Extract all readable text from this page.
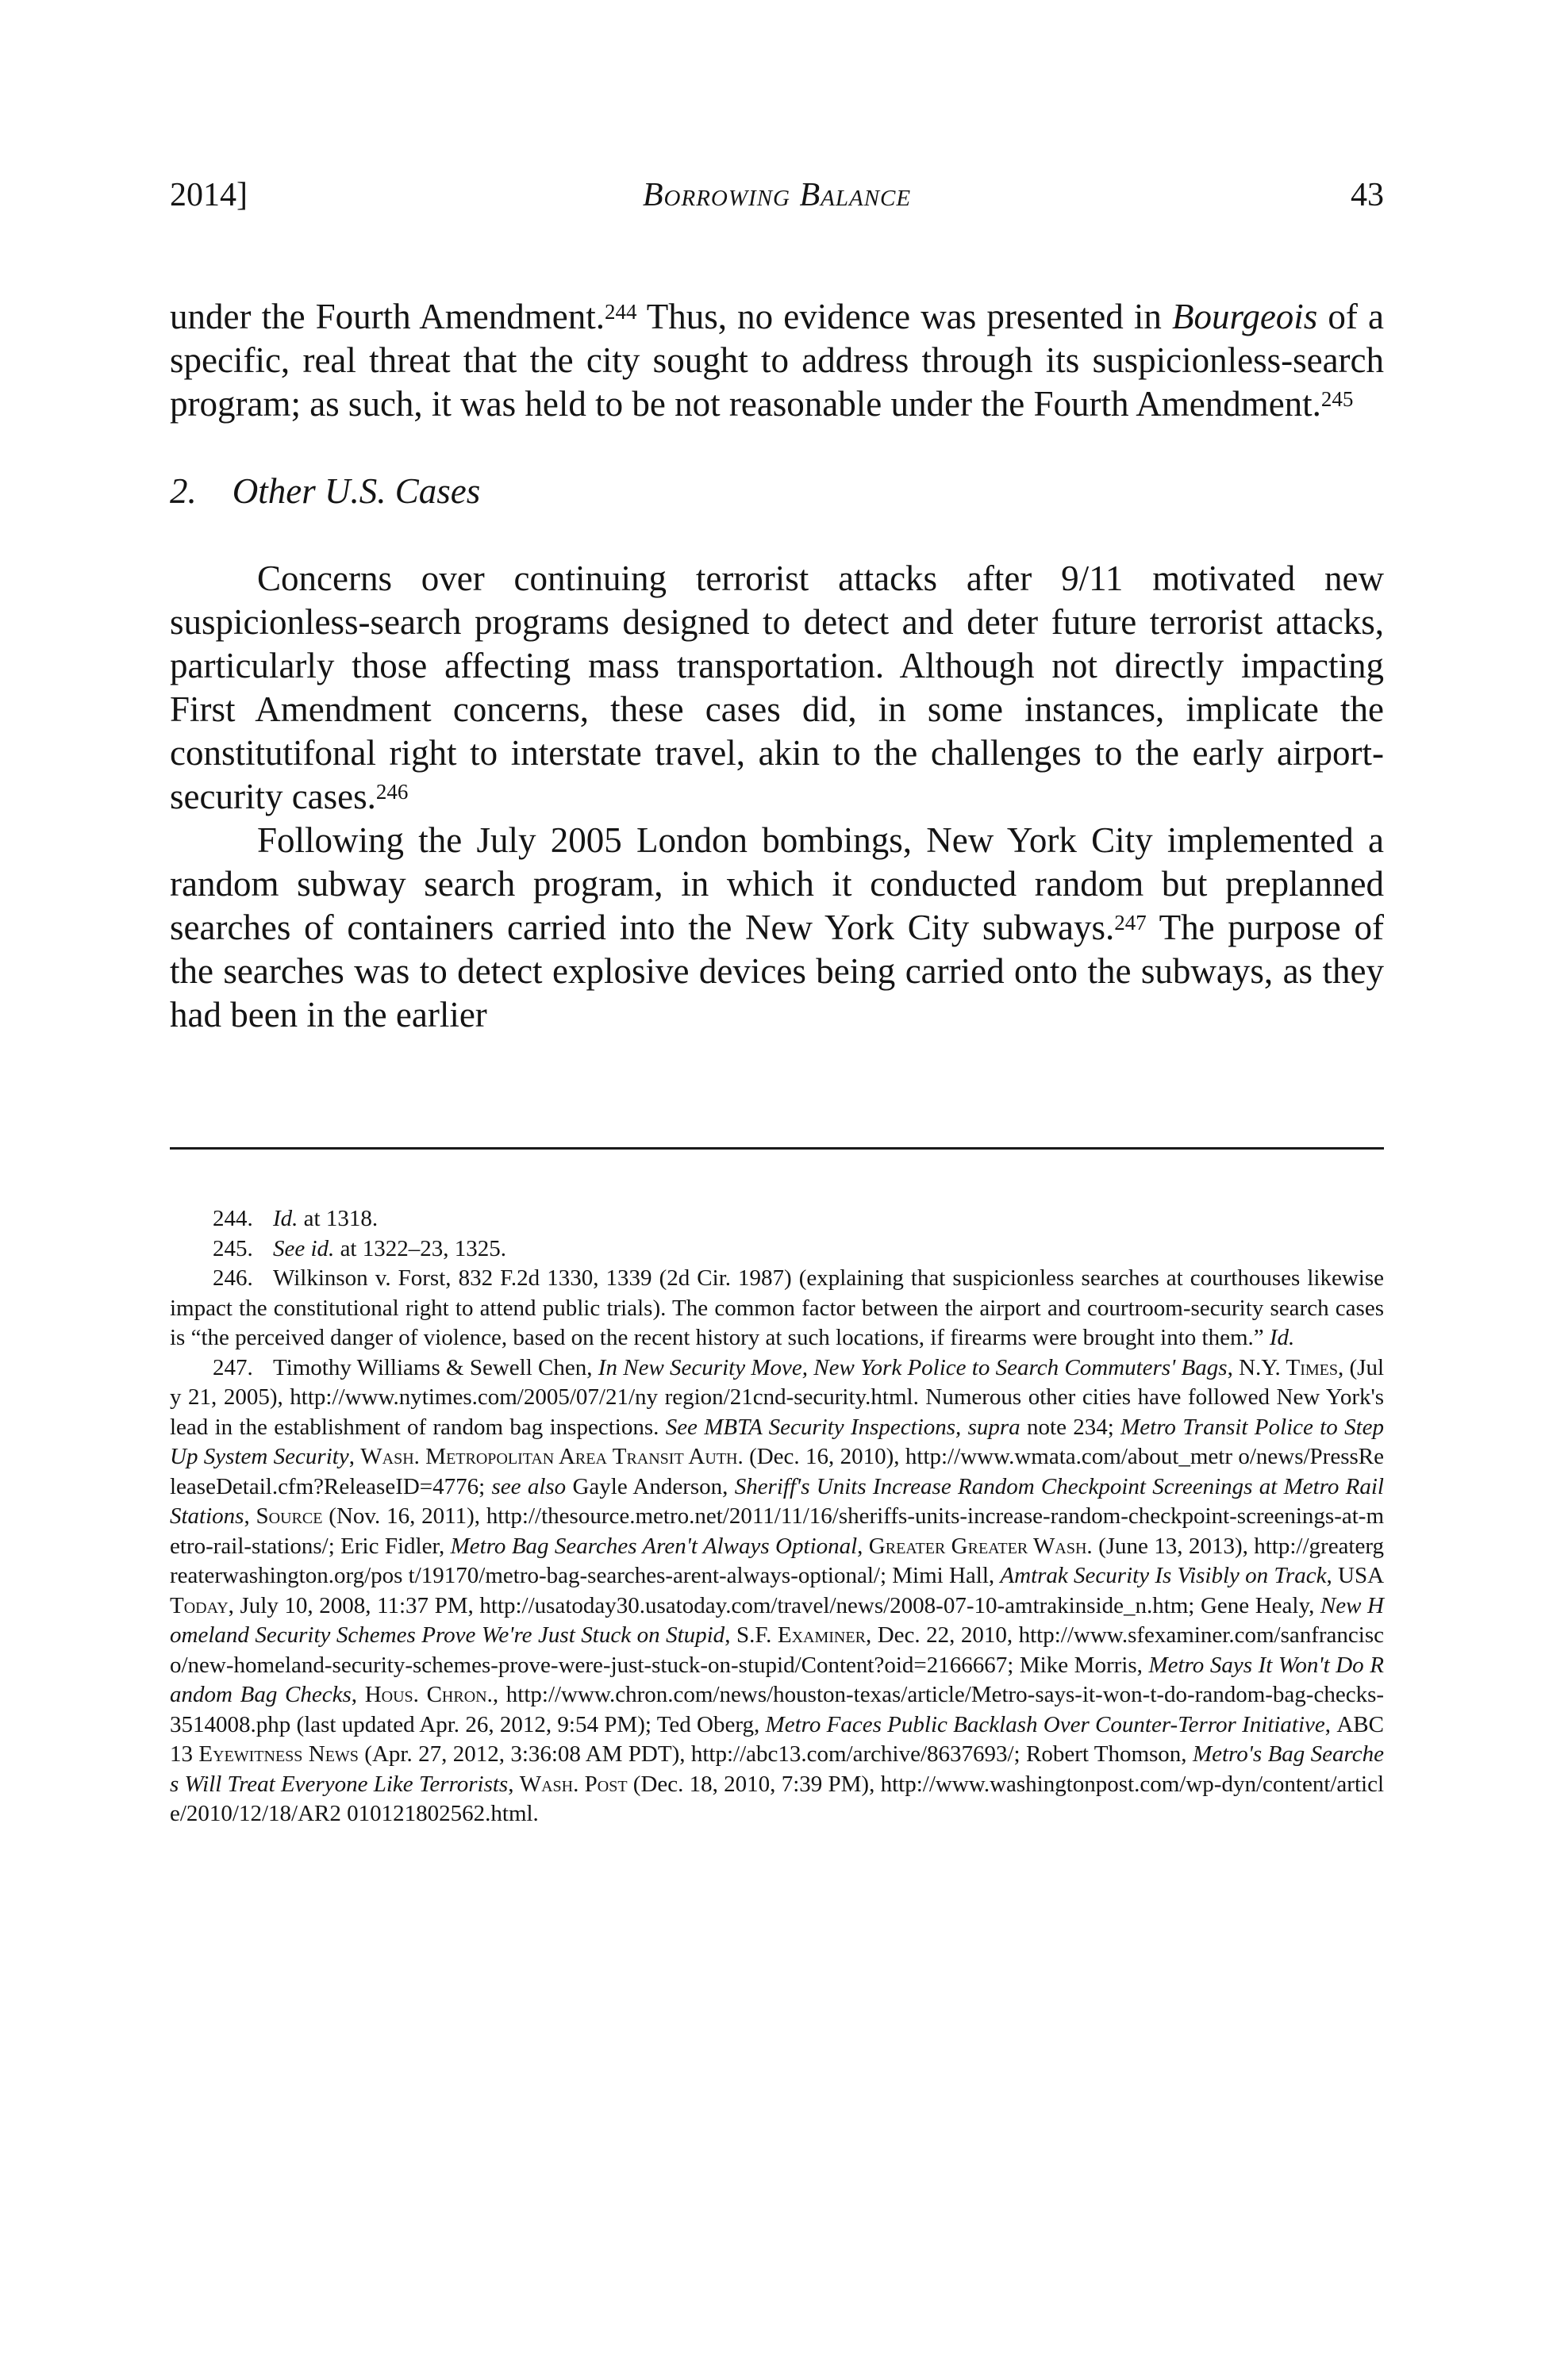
2014]	Borrowing Balance	43

under the Fourth Amendment.$^{244}$ Thus, no evidence was presented in Bourgeois of a specific, real threat that the city sought to address through its suspicionless-search program; as such, it was held to be not reasonable under the Fourth Amendment.$^{245}$

2. Other U.S. Cases

Concerns over continuing terrorist attacks after 9/11 motivated new suspicionless-search programs designed to detect and deter future terrorist attacks, particularly those affecting mass transportation. Although not directly impacting First Amendment concerns, these cases did, in some instances, implicate the constitutifonal right to interstate travel, akin to the challenges to the early airport-security cases.$^{246}$

Following the July 2005 London bombings, New York City implemented a random subway search program, in which it conducted random but preplanned searches of containers carried into the New York City subways.$^{247}$ The purpose of the searches was to detect explosive devices being carried onto the subways, as they had been in the earlier

244. Id. at 1318.

245. See id. at 1322–23, 1325.

246. Wilkinson v. Forst, 832 F.2d 1330, 1339 (2d Cir. 1987) (explaining that suspicionless searches at courthouses likewise impact the constitutional right to attend public trials). The common factor between the airport and courtroom-security search cases is “the perceived danger of violence, based on the recent history at such locations, if firearms were brought into them.” Id.

247. Timothy Williams & Sewell Chen, In New Security Move, New York Police to Search Commuters' Bags, N.Y. Times, (July 21, 2005), http://www.nytimes.com/2005/07/21/ny region/21cnd-security.html. Numerous other cities have followed New York's lead in the establishment of random bag inspections. See MBTA Security Inspections, supra note 234; Metro Transit Police to Step Up System Security, Wash. Metropolitan Area Transit Auth. (Dec. 16, 2010), http://www.wmata.com/about_metr o/news/PressReleaseDetail.cfm?ReleaseID=4776; see also Gayle Anderson, Sheriff's Units Increase Random Checkpoint Screenings at Metro Rail Stations, Source (Nov. 16, 2011), http://thesource.metro.net/2011/11/16/sheriffs-units-increase-random-checkpoint-screenings-at-metro-rail-stations/; Eric Fidler, Metro Bag Searches Aren't Always Optional, Greater Greater Wash. (June 13, 2013), http://greatergreaterwashington.org/pos t/19170/metro-bag-searches-arent-always-optional/; Mimi Hall, Amtrak Security Is Visibly on Track, USA Today, July 10, 2008, 11:37 PM, http://usatoday30.usatoday.com/travel/news/2008-07-10-amtrakinside_n.htm; Gene Healy, New Homeland Security Schemes Prove We're Just Stuck on Stupid, S.F. Examiner, Dec. 22, 2010, http://www.sfexaminer.com/sanfrancisco/new-homeland-security-schemes-prove-were-just-stuck-on-stupid/Content?oid=2166667; Mike Morris, Metro Says It Won't Do Random Bag Checks, Hous. Chron., http://www.chron.com/news/houston-texas/article/Metro-says-it-won-t-do-random-bag-checks-3514008.php (last updated Apr. 26, 2012, 9:54 PM); Ted Oberg, Metro Faces Public Backlash Over Counter-Terror Initiative, ABC 13 Eyewitness News (Apr. 27, 2012, 3:36:08 AM PDT), http://abc13.com/archive/8637693/; Robert Thomson, Metro's Bag Searches Will Treat Everyone Like Terrorists, Wash. Post (Dec. 18, 2010, 7:39 PM), http://www.washingtonpost.com/wp-dyn/content/article/2010/12/18/AR2 010121802562.html.
